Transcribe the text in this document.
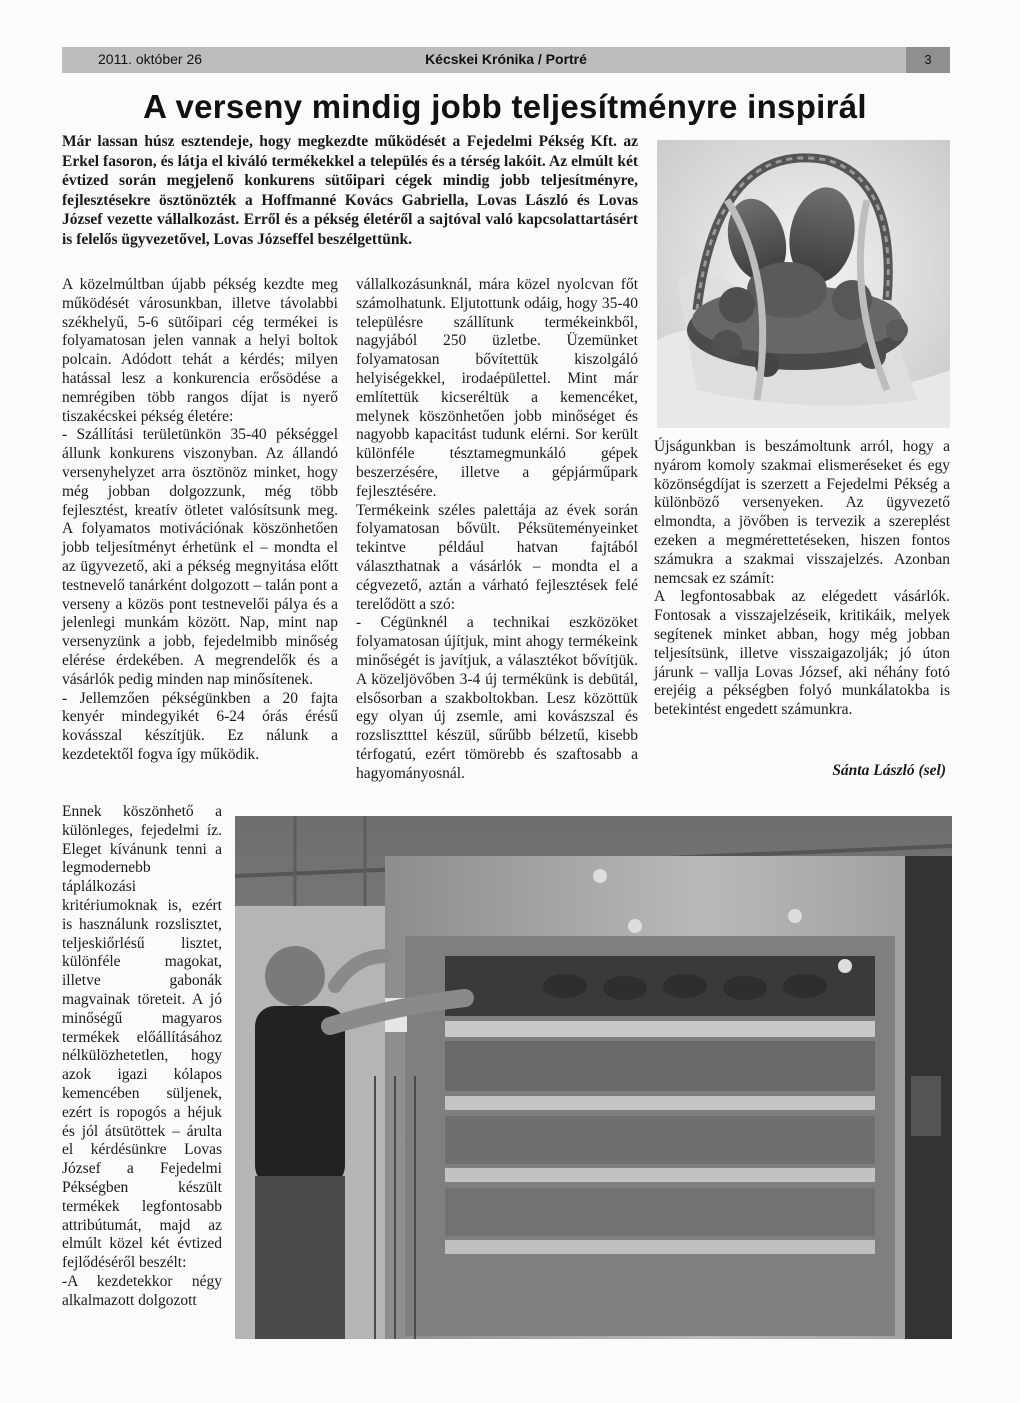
2011. október 26	Kécskei Krónika / Portré	3
A verseny mindig jobb teljesítményre inspirál
Már lassan húsz esztendeje, hogy megkezdte működését a Fejedelmi Pékség Kft. az Erkel fasoron, és látja el kiváló termékekkel a település és a térség lakóit. Az elmúlt két évtized során megjelenő konkurens sütőipari cégek mindig jobb teljesítményre, fejlesztésekre ösztönözték a Hoffmanné Kovács Gabriella, Lovas László és Lovas József vezette vállalkozást. Erről és a pékség életéről a sajtóval való kapcsolattartásért is felelős ügyvezetővel, Lovas Józseffel beszélgettünk.

A közelmúltban újabb pékség kezdte meg működését városunkban, illetve távolabbi székhelyű, 5-6 sütőipari cég termékei is folyamatosan jelen vannak a helyi boltok polcain. Adódott tehát a kérdés; milyen hatással lesz a konkurencia erősödése a nemrégiben több rangos díjat is nyerő tiszakécskei pékség életére:

- Szállítási területünkön 35-40 pékséggel állunk konkurens viszonyban. Az állandó versenyhelyzet arra ösztönöz minket, hogy még jobban dolgozzunk, még több fejlesztést, kreatív ötletet valósítsunk meg. A folyamatos motivációnak köszönhetően jobb teljesítményt érhetünk el – mondta el az ügyvezető, aki a pékség megnyitása előtt testnevelő tanárként dolgozott – talán pont a verseny a közös pont testnevelői pálya és a jelenlegi munkám között. Nap, mint nap versenyzünk a jobb, fejedelmibb minőség elérése érdekében. A megrendelők és a vásárlók pedig minden nap minősítenek.

- Jellemzően pékségünkben a 20 fajta kenyér mindegyikét 6-24 órás érésű kovásszal készítjük. Ez nálunk a kezdetektől fogva így működik.

Ennek köszönhető a különleges, fejedelmi íz. Eleget kívánunk tenni a legmodernebb táplálkozási kritériumoknak is, ezért is használunk rozslisztet, teljeskiőrlésű lisztet, különféle magokat, illetve gabonák magvainak töreteit. A jó minőségű magyaros termékek előállításához nélkülözhetetlen, hogy azok igazi kólapos kemencében süljenek, ezért is ropogós a héjuk és jól átsütöttek – árulta el kérdésünkre Lovas József a Fejedelmi Pékségben készült termékek legfontosabb attribútumát, majd az elmúlt közel két évtized fejlődéséről beszélt:

-A kezdetekkor négy alkalmazott dolgozott

vállalkozásunknál, mára közel nyolcvan főt számolhatunk. Eljutottunk odáig, hogy 35-40 településre szállítunk termékeinkből, nagyjából 250 üzletbe. Üzemünket folyamatosan bővítettük kiszolgáló helyiségekkel, irodaépülettel. Mint már említettük kicseréltük a kemencéket, melynek köszönhetően jobb minőséget és nagyobb kapacitást tudunk elérni. Sor került különféle tésztamegmunkáló gépek beszerzésére, illetve a gépjárműpark fejlesztésére.

Termékeink széles palettája az évek során folyamatosan bővült. Péksüteményeinket tekintve például hatvan fajtából választhatnak a vásárlók – mondta el a cégvezető, aztán a várható fejlesztések felé terelődött a szó:

- Cégünknél a technikai eszközöket folyamatosan újítjuk, mint ahogy termékeink minőségét is javítjuk, a választékot bővítjük. A közeljövőben 3-4 új termékünk is debütál, elsősorban a szakboltokban. Lesz közöttük egy olyan új zsemle, ami kovászszal és rozslisztttel készül, sűrűbb bélzetű, kisebb térfogatú, ezért tömörebb és szaftosabb a hagyományosnál.

Újságunkban is beszámoltunk arról, hogy a nyárom komoly szakmai elismeréseket és egy közönségdíjat is szerzett a Fejedelmi Pékség a különböző versenyeken. Az ügyvezető elmondta, a jövőben is tervezik a szereplést ezeken a megmérettetéseken, hiszen fontos számukra a szakmai visszajelzés. Azonban nemcsak ez számít:

A legfontosabbak az elégedett vásárlók. Fontosak a visszajelzéseik, kritikáik, melyek segítenek minket abban, hogy még jobban teljesítsünk, illetve visszaigazolják; jó úton járunk – vallja Lovas József, aki néhány fotó erejéig a pékségben folyó munkálatokba is betekintést engedett számunkra.

Sánta László (sel)
VIGYAZZ
